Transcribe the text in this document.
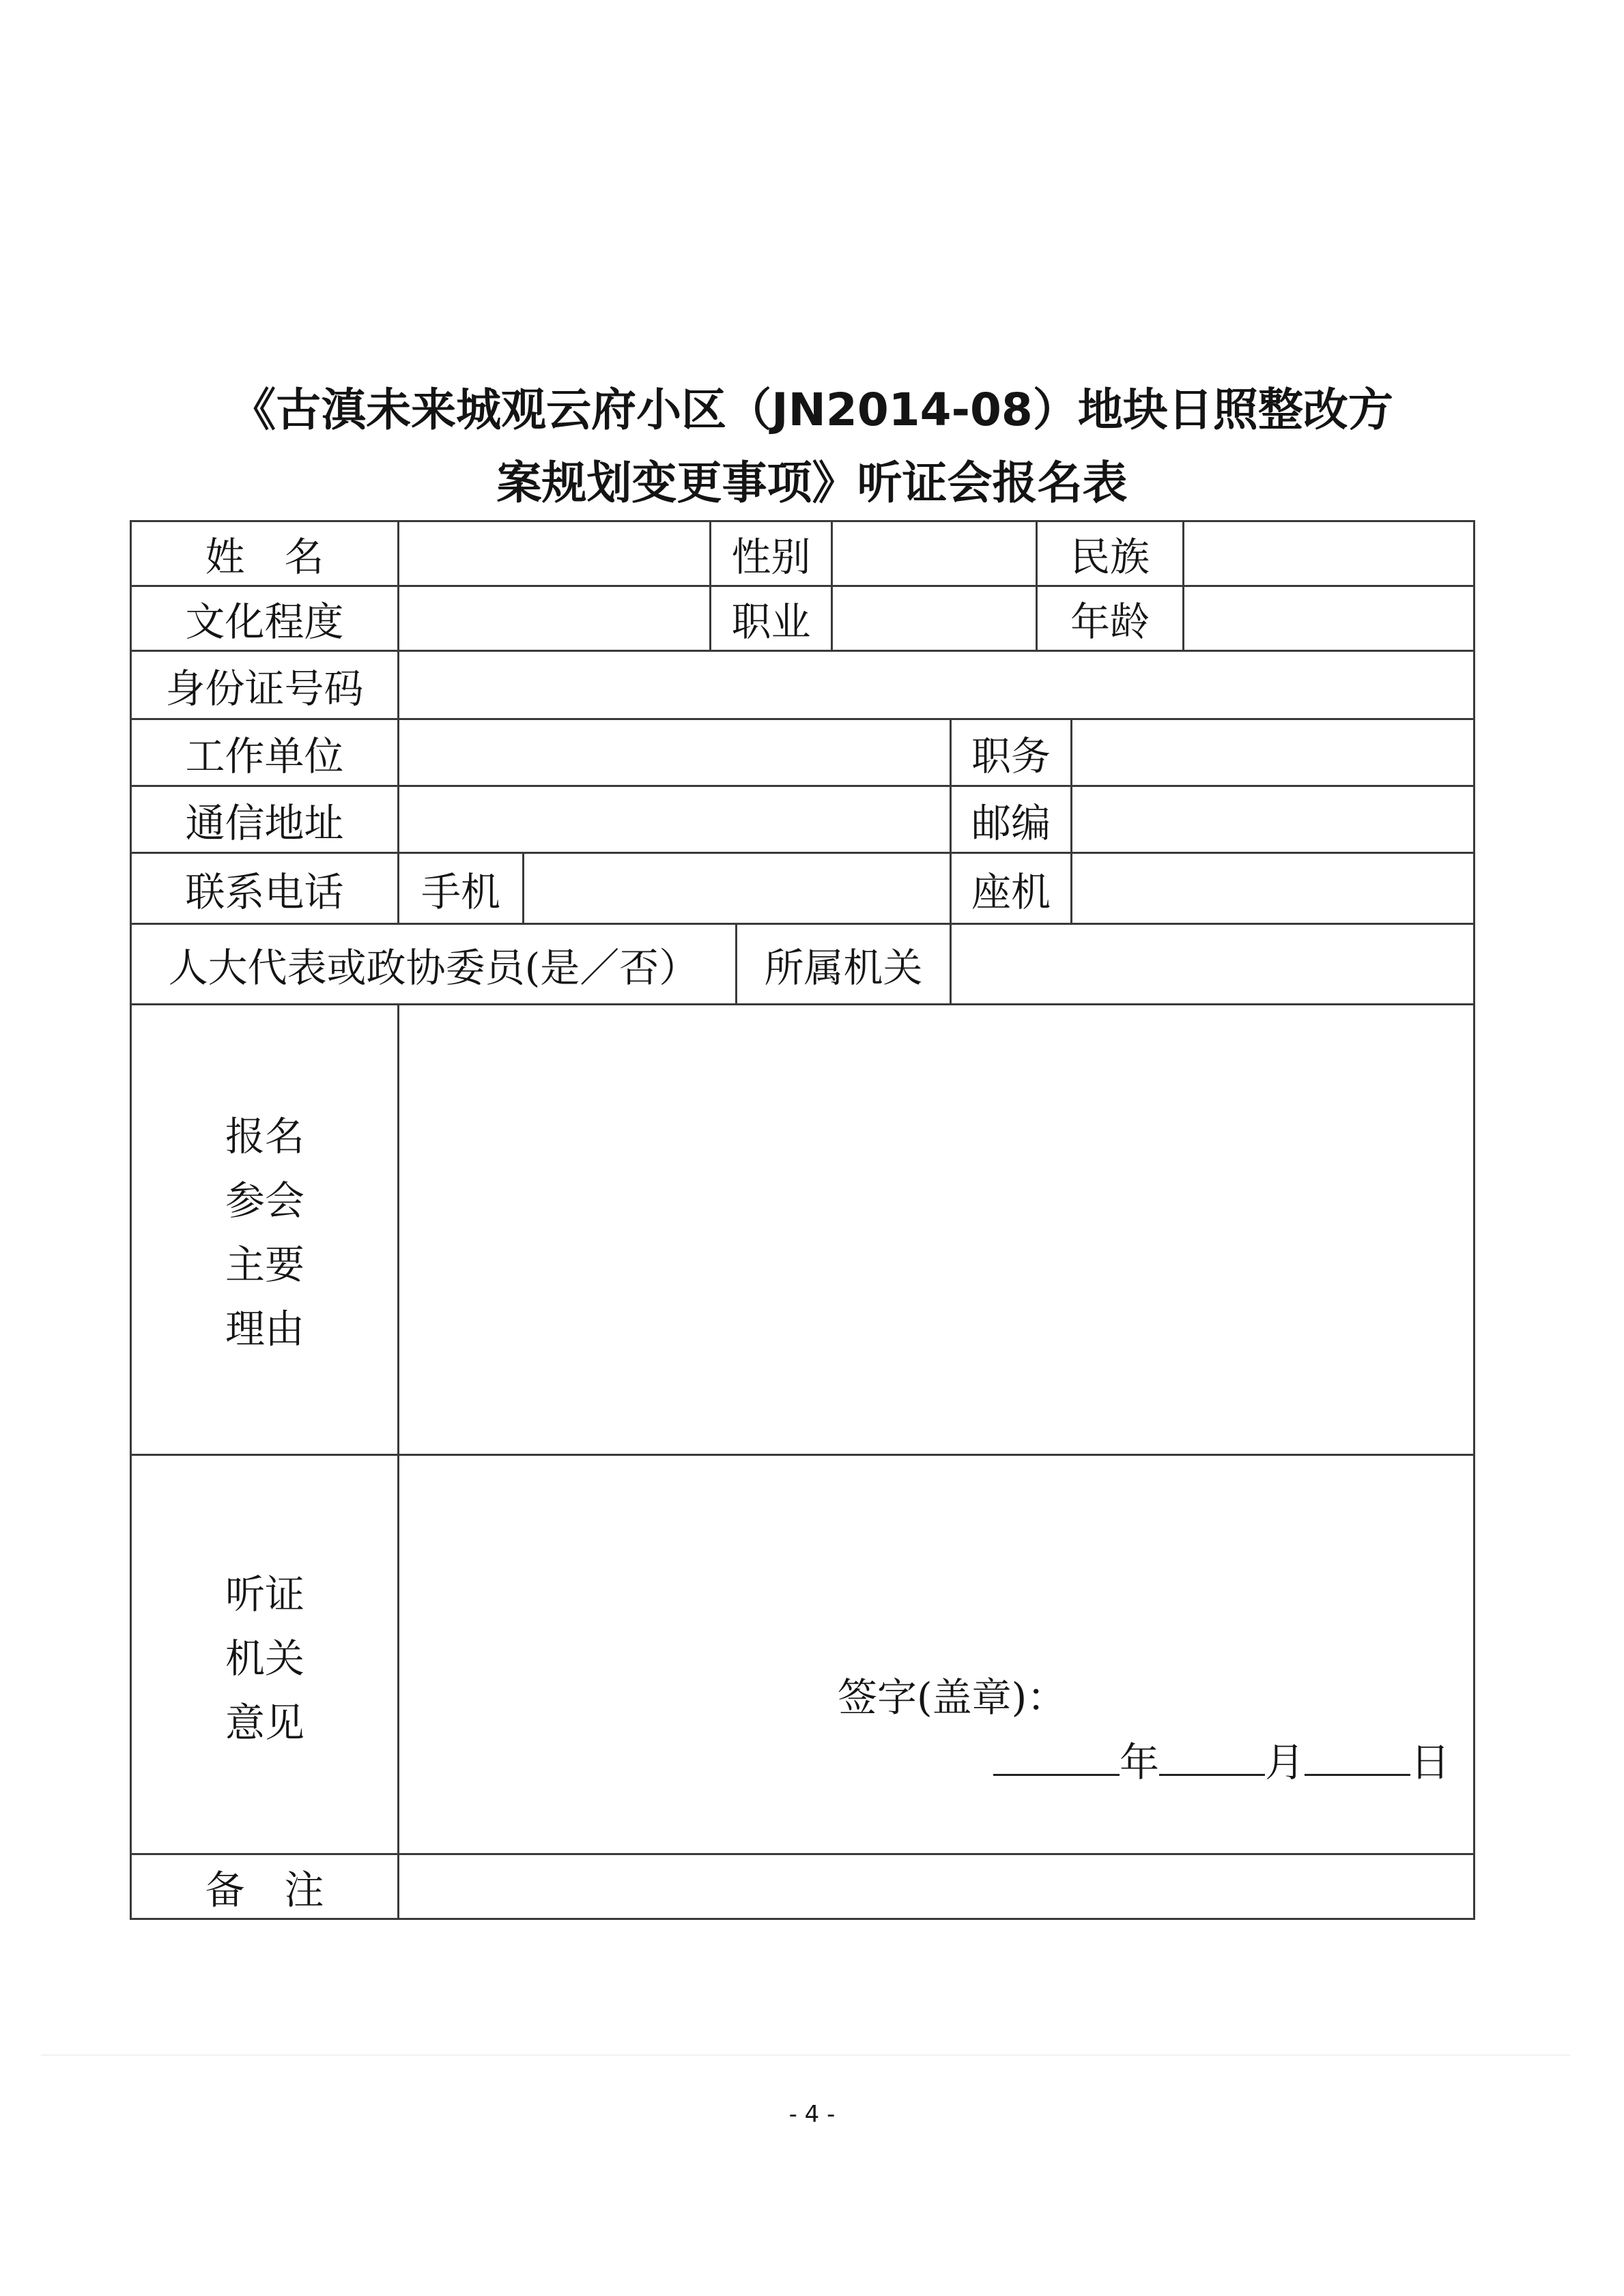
《古滇未来城观云府小区（JN2014-08）地块日照整改方
案规划变更事项》听证会报名表
姓　名	性别	民族
文化程度	职业	年龄
身份证号码
工作单位	职务
通信地址	邮编
联系电话	手机	座机
人大代表或政协委员(是／否）	所属机关
报名
参会
主要
理由
听证
机关
意见
签字(盖章)：
年	月	日
备　注
- 4 -
